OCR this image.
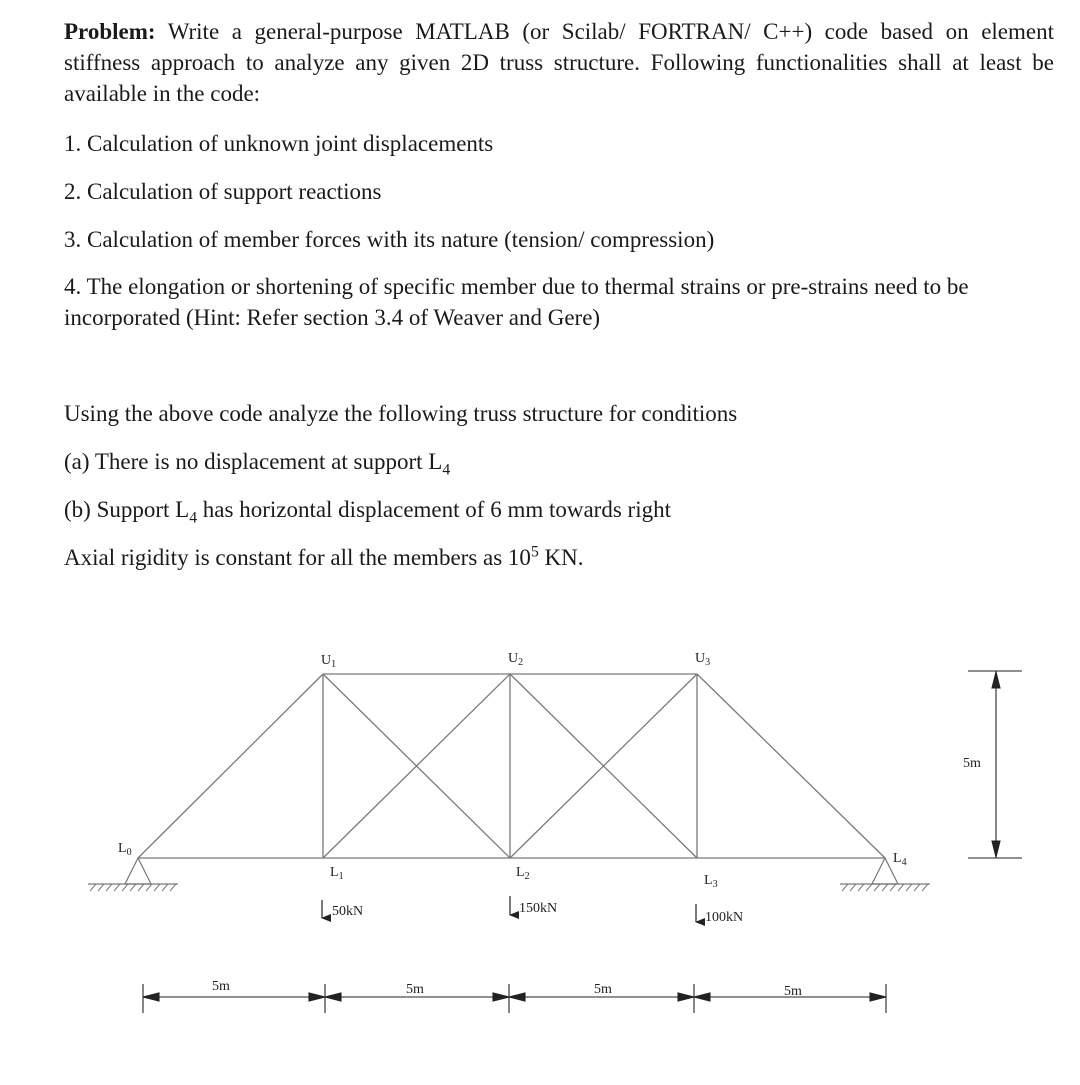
Problem: Write a general-purpose MATLAB (or Scilab/ FORTRAN/ C++) code based on element stiffness approach to analyze any given 2D truss structure. Following functionalities shall at least be available in the code:
1. Calculation of unknown joint displacements
2. Calculation of support reactions
3. Calculation of member forces with its nature (tension/ compression)
4. The elongation or shortening of specific member due to thermal strains or pre-strains need to be incorporated (Hint: Refer section 3.4 of Weaver and Gere)
Using the above code analyze the following truss structure for conditions
(a) There is no displacement at support $L_4$
(b) Support $L_4$ has horizontal displacement of 6 mm towards right
Axial rigidity is constant for all the members as $10^5$ KN.
$L_0$
$L_1$	$L_2$	$L_3$
$L_4$
$U_1$	$U_2$	$U_3$
50kN	150kN
100kN
5m	5m	5m	5m
5m
